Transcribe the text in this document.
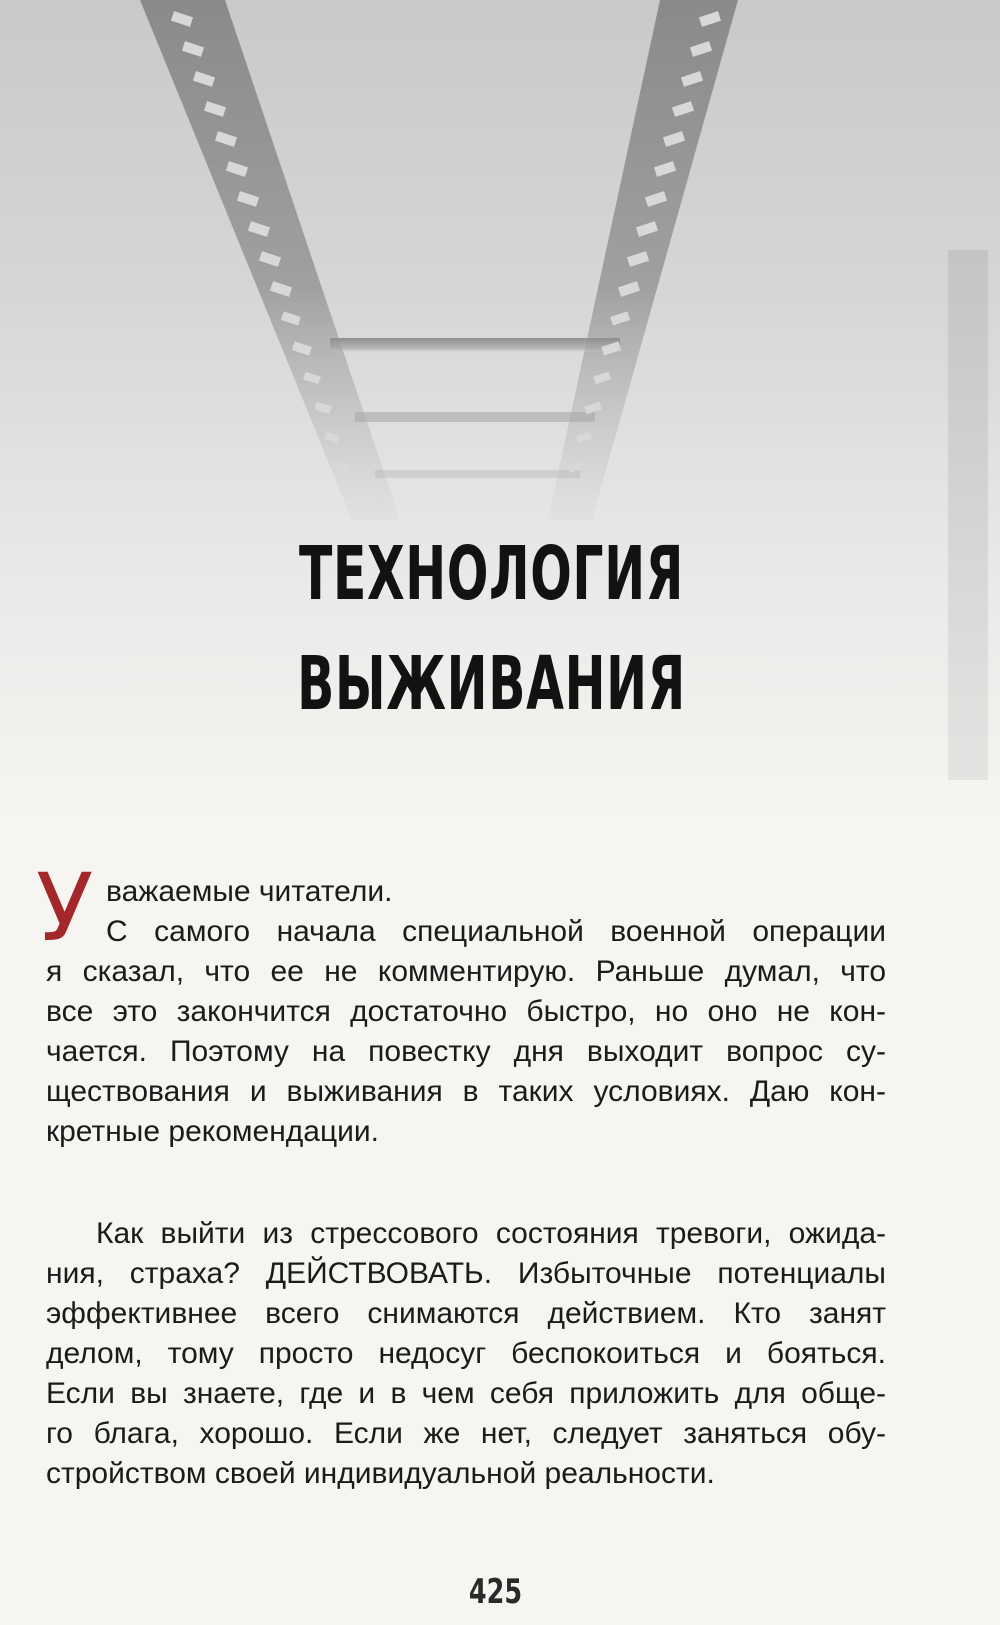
ТЕХНОЛОГИЯ
ВЫЖИВАНИЯ
У важаемые читатели.
С самого начала специальной военной операции
я сказал, что ее не комментирую. Раньше думал, что
все это закончится достаточно быстро, но оно не кон-
чается. Поэтому на повестку дня выходит вопрос су-
ществования и выживания в таких условиях. Даю кон-
кретные рекомендации.
Как выйти из стрессового состояния тревоги, ожида-
ния, страха? ДЕЙСТВОВАТЬ. Избыточные потенциалы
эффективнее всего снимаются действием. Кто занят
делом, тому просто недосуг беспокоиться и бояться.
Если вы знаете, где и в чем себя приложить для обще-
го блага, хорошо. Если же нет, следует заняться обу-
стройством своей индивидуальной реальности.
425
